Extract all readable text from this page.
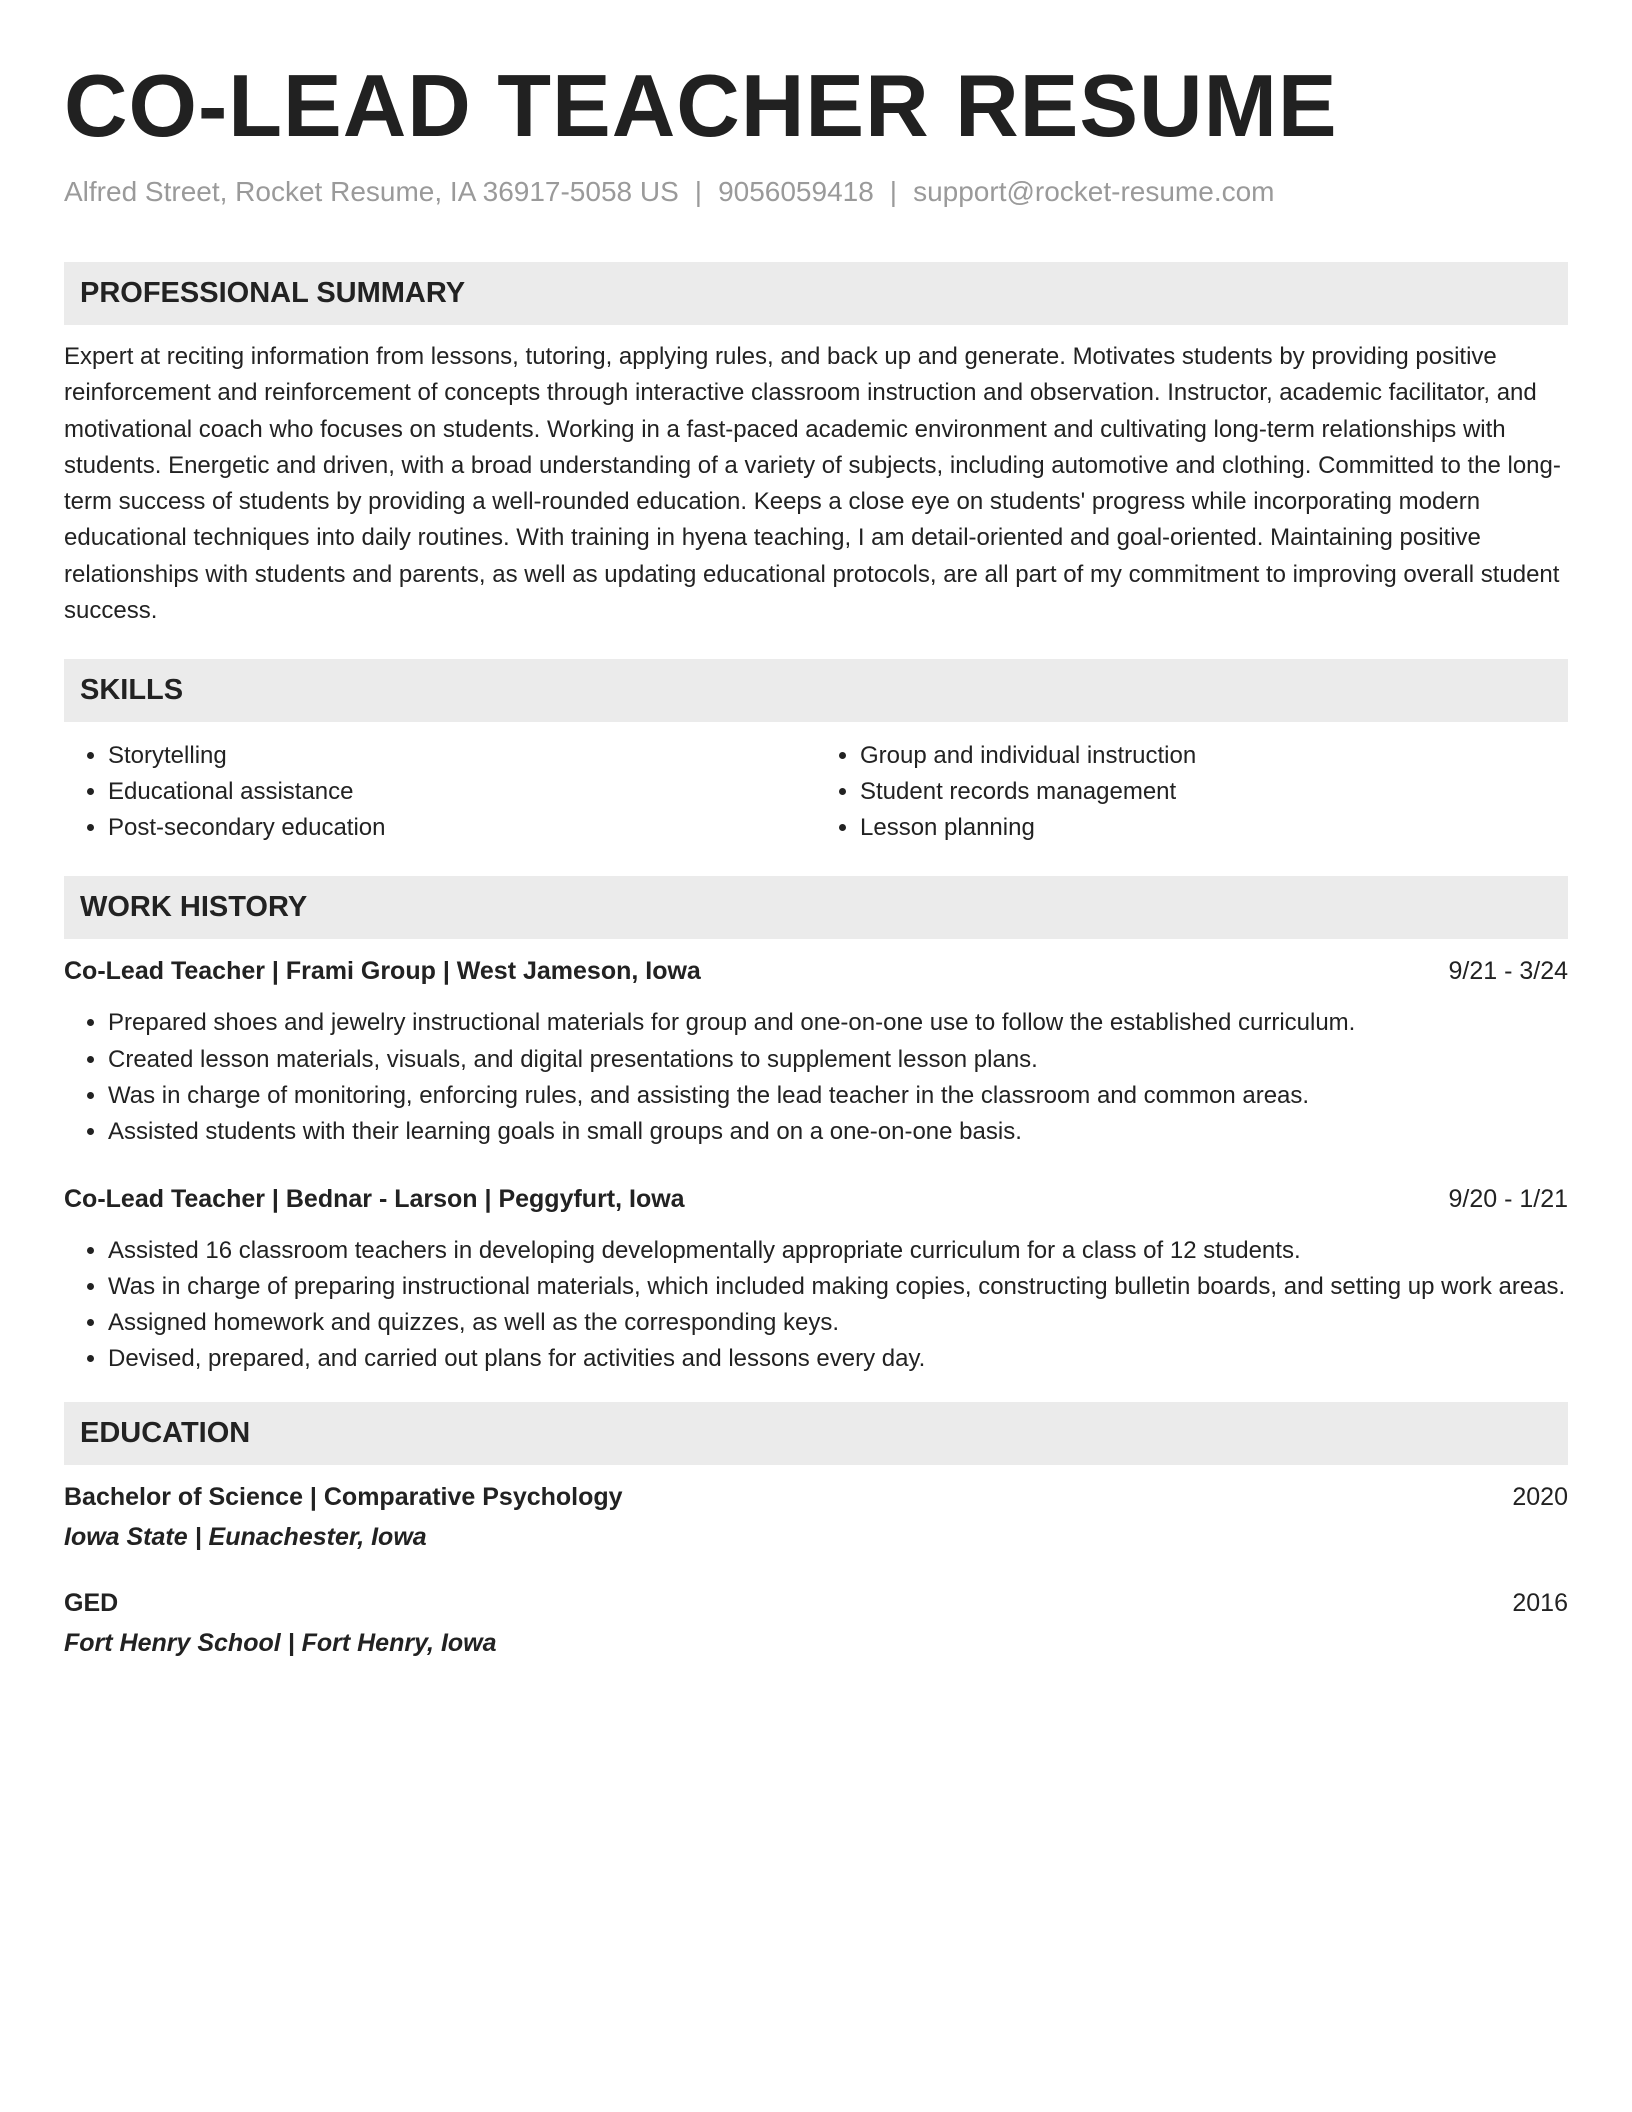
CO-LEAD TEACHER RESUME
Alfred Street, Rocket Resume, IA 36917-5058 US | 9056059418 | support@rocket-resume.com
PROFESSIONAL SUMMARY

Expert at reciting information from lessons, tutoring, applying rules, and back up and generate. Motivates students by providing positive reinforcement and reinforcement of concepts through interactive classroom instruction and observation. Instructor, academic facilitator, and motivational coach who focuses on students. Working in a fast-paced academic environment and cultivating long-term relationships with students. Energetic and driven, with a broad understanding of a variety of subjects, including automotive and clothing. Committed to the long-term success of students by providing a well-rounded education. Keeps a close eye on students' progress while incorporating modern educational techniques into daily routines. With training in hyena teaching, I am detail-oriented and goal-oriented. Maintaining positive relationships with students and parents, as well as updating educational protocols, are all part of my commitment to improving overall student success.

SKILLS
• Storytelling
• Educational assistance
• Post-secondary education
• Group and individual instruction
• Student records management
• Lesson planning
WORK HISTORY
Co-Lead Teacher | Frami Group | West Jameson, Iowa	9/21 - 3/24
• Prepared shoes and jewelry instructional materials for group and one-on-one use to follow the established curriculum.
• Created lesson materials, visuals, and digital presentations to supplement lesson plans.
• Was in charge of monitoring, enforcing rules, and assisting the lead teacher in the classroom and common areas.
• Assisted students with their learning goals in small groups and on a one-on-one basis.
Co-Lead Teacher | Bednar - Larson | Peggyfurt, Iowa	9/20 - 1/21
• Assisted 16 classroom teachers in developing developmentally appropriate curriculum for a class of 12 students.
• Was in charge of preparing instructional materials, which included making copies, constructing bulletin boards, and setting up work areas.
• Assigned homework and quizzes, as well as the corresponding keys.
• Devised, prepared, and carried out plans for activities and lessons every day.
EDUCATION
Bachelor of Science | Comparative Psychology	2020
Iowa State | Eunachester, Iowa
GED	2016
Fort Henry School | Fort Henry, Iowa
